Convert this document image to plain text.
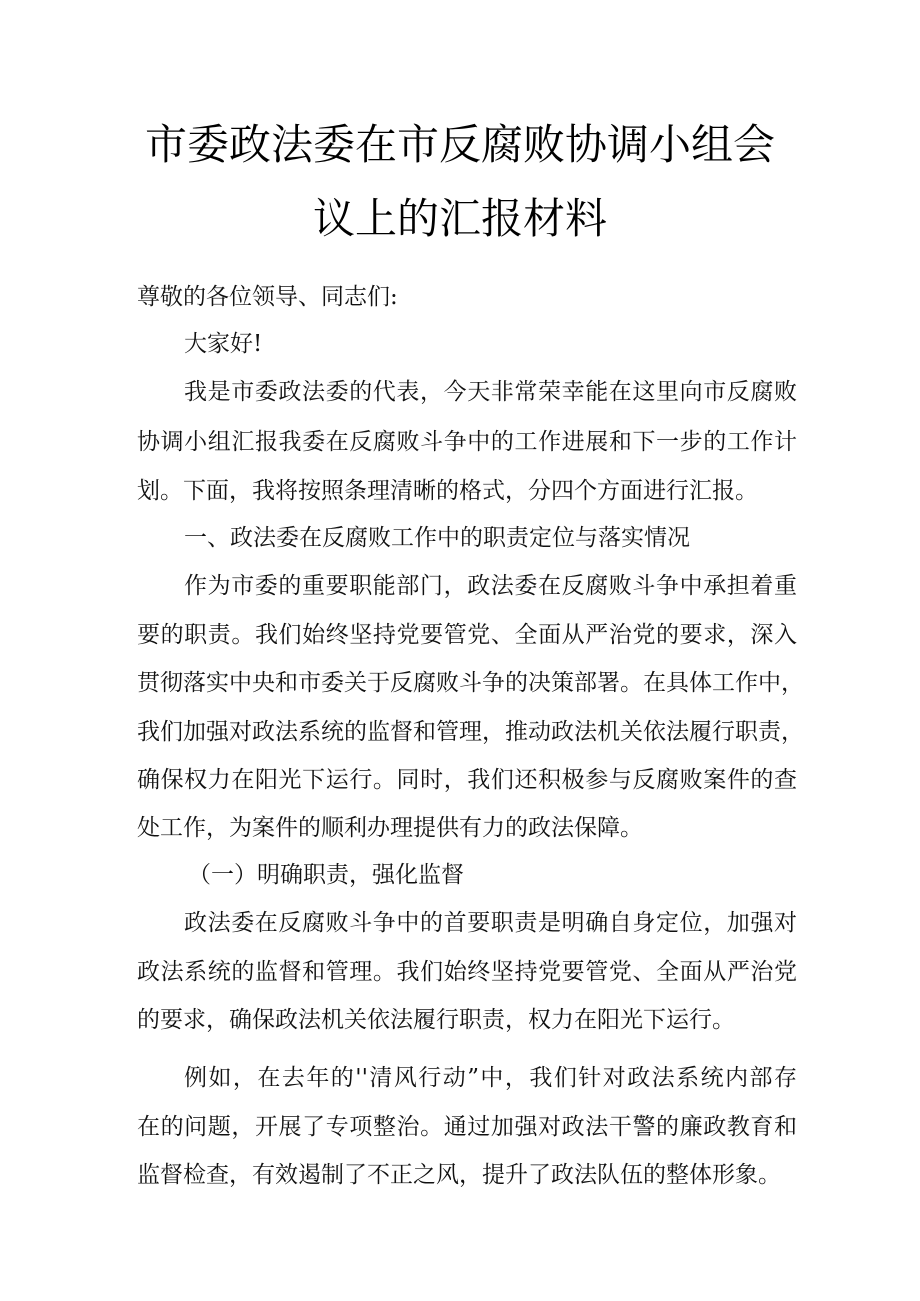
市委政法委在市反腐败协调小组会
议上的汇报材料
尊敬的各位领导、同志们:
大家好!
我是市委政法委的代表，今天非常荣幸能在这里向市反腐败
协调小组汇报我委在反腐败斗争中的工作进展和下一步的工作计
划。下面，我将按照条理清晰的格式，分四个方面进行汇报。
一、政法委在反腐败工作中的职责定位与落实情况
作为市委的重要职能部门，政法委在反腐败斗争中承担着重
要的职责。我们始终坚持党要管党、全面从严治党的要求，深入
贯彻落实中央和市委关于反腐败斗争的决策部署。在具体工作中，
我们加强对政法系统的监督和管理，推动政法机关依法履行职责，
确保权力在阳光下运行。同时，我们还积极参与反腐败案件的查
处工作，为案件的顺利办理提供有力的政法保障。
（一）明确职责，强化监督
政法委在反腐败斗争中的首要职责是明确自身定位，加强对
政法系统的监督和管理。我们始终坚持党要管党、全面从严治党
的要求，确保政法机关依法履行职责，权力在阳光下运行。
例如，在去年的''清风行动”中，我们针对政法系统内部存
在的问题，开展了专项整治。通过加强对政法干警的廉政教育和
监督检查，有效遏制了不正之风，提升了政法队伍的整体形象。
